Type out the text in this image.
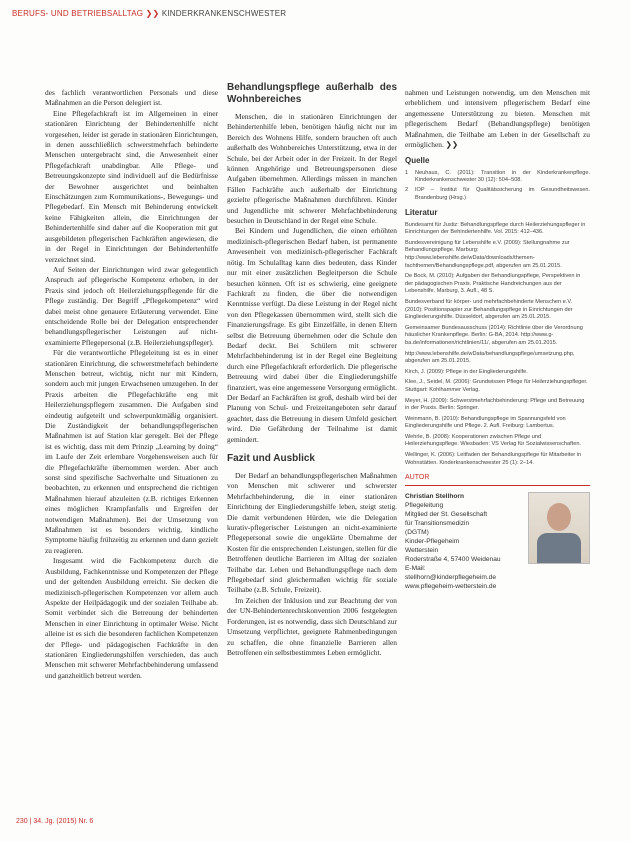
BERUFS- UND BETRIEBSALLTAG ❯❯ KINDERKRANKENSCHWESTER

des fachlich verantwortlichen Personals und diese Maßnahmen an die Person delegiert ist.

Eine Pflegefachkraft ist im Allgemeinen in einer stationären Einrichtung der Behindertenhilfe nicht vorgesehen, leider ist gerade in stationären Einrichtungen, in denen ausschließlich schwerstmehrfach behinderte Menschen untergebracht sind, die Anwesenheit einer Pflegefachkraft unabdingbar. Alle Pflege- und Betreuungskonzepte sind individuell auf die Bedürfnisse der Bewohner ausgerichtet und beinhalten Einschätzungen zum Kommunikations-, Bewegungs- und Pflegebedarf. Ein Mensch mit Behinderung entwickelt keine Fähigkeiten allein, die Einrichtungen der Behindertenhilfe sind daher auf die Kooperation mit gut ausgebildeten pflegerischen Fachkräften angewiesen, die in der Regel in Einrichtungen der Behindertenhilfe verzeichnet sind.

Auf Seiten der Einrichtungen wird zwar gelegentlich Anspruch auf pflegerische Kompetenz erhoben, in der Praxis sind jedoch oft Heilerziehungspflegende für die Pflege zuständig. Der Begriff „Pflegekompetenz“ wird dabei meist ohne genauere Erläuterung verwendet. Eine entscheidende Rolle bei der Delegation entsprechender behandlungspflegerischer Leistungen auf nicht-examinierte Pflegepersonal (z.B. Heilerziehungspfleger).

Für die verantwortliche Pflegeleitung ist es in einer stationären Einrichtung, die schwerstmehrfach behinderte Menschen betreut, wichtig, nicht nur mit Kindern, sondern auch mit jungen Erwachsenen umzugehen. In der Praxis arbeiten die Pflegefachkräfte eng mit Heilerziehungspflegern zusammen. Die Aufgaben sind eindeutig aufgeteilt und schwerpunktmäßig organisiert. Die Zuständigkeit der behandlungspflegerischen Maßnahmen ist auf Station klar geregelt. Bei der Pflege ist es wichtig, dass mit dem Prinzip „Learning by doing“ im Laufe der Zeit erlernbare Vorgehensweisen auch für die Pflegefachkräfte übernommen werden. Aber auch sonst sind spezifische Sachverhalte und Situationen zu beobachten, zu erkennen und entsprechend die richtigen Maßnahmen hierauf abzuleiten (z.B. richtiges Erkennen eines möglichen Krampfanfalls und Ergreifen der notwendigen Maßnahmen). Bei der Umsetzung von Maßnahmen ist es besonders wichtig, kindliche Symptome häufig frühzeitig zu erkennen und dann gezielt zu reagieren.

Insgesamt wird die Fachkompetenz durch die Ausbildung, Fachkenntnisse und Kompetenzen der Pflege und der geltenden Ausbildung erreicht. Sie decken die medizinisch-pflegerischen Kompetenzen vor allem auch Aspekte der Heilpädagogik und der sozialen Teilhabe ab. Somit verbindet sich die Betreuung der behinderten Menschen in einer Einrichtung in optimaler Weise. Nicht alleine ist es sich die besonderen fachlichen Kompetenzen der Pflege- und pädagogischen Fachkräfte in den stationären Eingliederungshilfen verschieden, das auch Menschen mit schwerer Mehrfachbehinderung umfassend und ganzheitlich betreut werden.

Behandlungspflege außerhalb des Wohnbereiches

Menschen, die in stationären Einrichtungen der Behindertenhilfe leben, benötigen häufig nicht nur im Bereich des Wohnens Hilfe, sondern brauchen oft auch außerhalb des Wohnbereiches Unterstützung, etwa in der Schule, bei der Arbeit oder in der Freizeit. In der Regel können Angehörige und Betreuungspersonen diese Aufgaben übernehmen. Allerdings müssen in manchen Fällen Fachkräfte auch außerhalb der Einrichtung gezielte pflegerische Maßnahmen durchführen. Kinder und Jugendliche mit schwerer Mehrfachbehinderung besuchen in Deutschland in der Regel eine Schule.

Bei Kindern und Jugendlichen, die einen erhöhten medizinisch-pflegerischen Bedarf haben, ist permanente Anwesenheit von medizinisch-pflegerischer Fachkraft nötig. Im Schulalltag kann dies bedeuten, dass Kinder nur mit einer zusätzlichen Begleitperson die Schule besuchen können. Oft ist es schwierig, eine geeignete Fachkraft zu finden, die über die notwendigen Kenntnisse verfügt. Da diese Leistung in der Regel nicht von den Pflegekassen übernommen wird, stellt sich die Finanzierungsfrage. Es gibt Einzelfälle, in denen Eltern selbst die Betreuung übernehmen oder die Schule den Bedarf deckt. Bei Schülern mit schwerer Mehrfachbehinderung ist in der Regel eine Begleitung durch eine Pflegefachkraft erforderlich. Die pflegerische Betreuung wird dabei über die Eingliederungshilfe finanziert, was eine angemessene Versorgung ermöglicht. Der Bedarf an Fachkräften ist groß, deshalb wird bei der Planung von Schul- und Freizeitangeboten sehr darauf geachtet, dass die Betreuung in diesem Umfeld gesichert wird. Die Gefährdung der Teilnahme ist damit gemindert.

Fazit und Ausblick

Der Bedarf an behandlungspflegerischen Maßnahmen von Menschen mit schwerer und schwerster Mehrfachbehinderung, die in einer stationären Einrichtung der Eingliederungshilfe leben, steigt stetig. Die damit verbundenen Hürden, wie die Delegation kurativ-pflegerischer Leistungen an nicht-examinierte Pflegepersonal sowie die ungeklärte Übernahme der Kosten für die entsprechenden Leistungen, stellen für die Betroffenen deutliche Barrieren im Alltag der sozialen Teilhabe dar. Leben und Behandlungspflege nach dem Pflegebedarf sind gleichermaßen wichtig für soziale Teilhabe (z.B. Schule, Freizeit).

Im Zeichen der Inklusion und zur Beachtung der von der UN-Behindertenrechtskonvention 2006 festgelegten Forderungen, ist es notwendig, dass sich Deutschland zur Umsetzung verpflichtet, geeignete Rahmenbedingungen zu schaffen, die ohne finanzielle Barrieren allen Betroffenen ein selbstbestimmtes Leben ermöglicht.

nahmen und Leistungen notwendig, um den Menschen mit erheblichem und intensivem pflegerischem Bedarf eine angemessene Unterstützung zu bieten. Menschen mit pflegerischem Bedarf (Behandlungspflege) benötigen Maßnahmen, die Teilhabe am Leben in der Gesellschaft zu ermöglichen. ❯❯

Quelle
1	Neuhaus, C. (2011): Transition in der Kinderkrankenpflege. Kinderkrankenschwester 30 (12): 504–508.
2	IOP – Institut für Qualitätssicherung im Gesundheitswesen. Brandenburg (Hrsg.)
Literatur

Bundesamt für Justiz: Behandlungspflege durch Heilerziehungspfleger in Einrichtungen der Behindertenhilfe. Vol. 2015: 412–436.

Bundesvereinigung für Lebenshilfe e.V. (2009): Stellungnahme zur Behandlungspflege. Marburg: http://www.lebenshilfe.de/wData/downloads/themen-fachthemen/Behandlungspflege.pdf, abgerufen am 25.01.2015.

De Bock, M. (2010): Aufgaben der Behandlungspflege, Perspektiven in der pädagogischen Praxis. Praktische Handreichungen aus der Lebenshilfe. Marburg, 3. Aufl., 48 S.

Bundesverband für körper- und mehrfachbehinderte Menschen e.V. (2010): Positionspapier zur Behandlungspflege in Einrichtungen der Eingliederungshilfe. Düsseldorf, abgerufen am 25.01.2015.

Gemeinsamer Bundesausschuss (2014): Richtlinie über die Verordnung häuslicher Krankenpflege. Berlin: G-BA, 2014. http://www.g-ba.de/informationen/richtlinien/11/, abgerufen am 25.01.2015.

http://www.lebenshilfe.de/wData/behandlungspflege/umsetzung.php, abgerufen am 25.01.2015.

Kirch, J. (2009): Pflege in der Eingliederungshilfe.

Klee, J., Seidel, M. (2006): Grundwissen Pflege für Heilerziehungspfleger. Stuttgart: Kohlhammer Verlag.

Meyer, H. (2009): Schwerstmehrfachbehinderung: Pflege und Betreuung in der Praxis. Berlin: Springer.

Weinmann, B. (2010): Behandlungspflege im Spannungsfeld von Eingliederungshilfe und Pflege. 2. Aufl. Freiburg: Lambertus.

Wehrle, B. (2008): Kooperationen zwischen Pflege und Heilerziehungspflege. Wiesbaden: VS Verlag für Sozialwissenschaften.

Wellinger, K. (2006): Leitfaden der Behandlungspflege für Mitarbeiter in Wohnstätten. Kinderkrankenschwester 25 (1): 2–14.

AUTOR
Christian Stellhorn
Pflegeleitung
Mitglied der St. Gesellschaft
für Transitionsmedizin
(DGTM)
Kinder-Pflegeheim
Wetterstein
Roderstraße 4, 57400 Weidenau
E-Mail:
stellhorn@kinderpflegeheim.de
www.pflegeheim-wetterstein.de
230 | 34. Jg. (2015) Nr. 6
